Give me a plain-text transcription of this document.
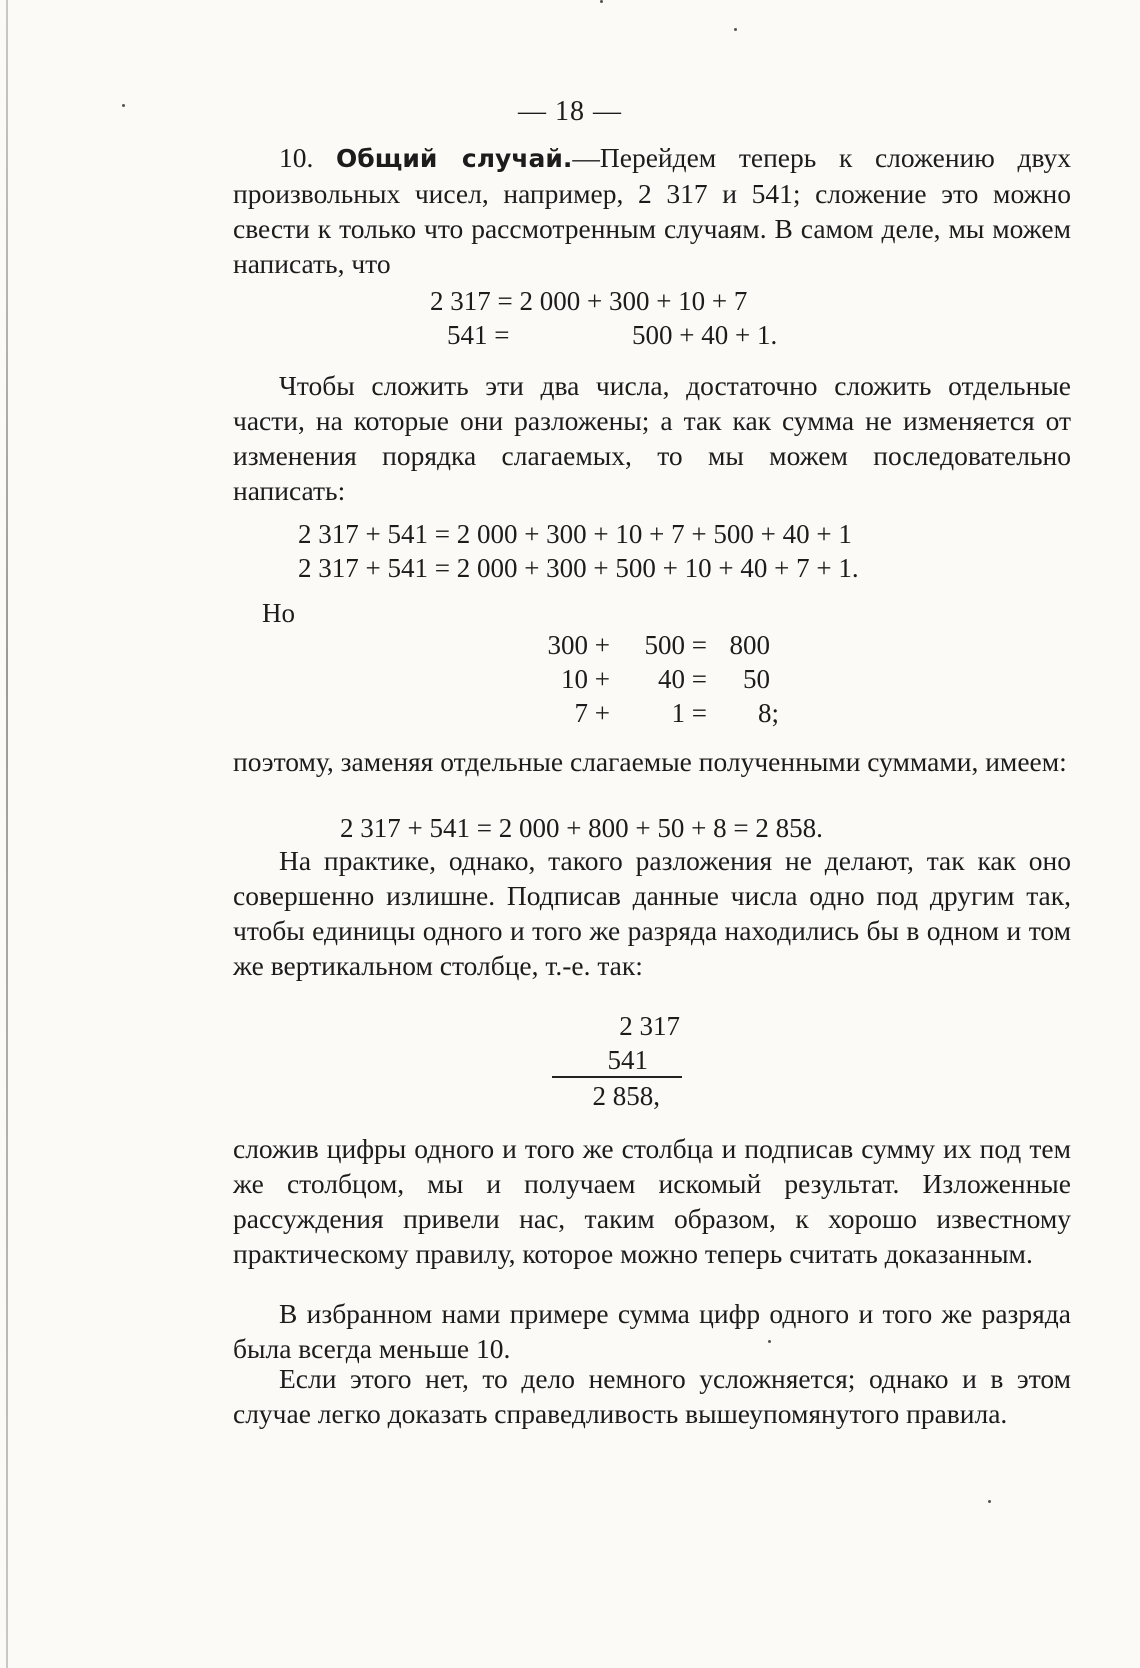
— 18 —

10. Общий случай.—Перейдем теперь к сложению двух произвольных чисел, например, 2 317 и 541; сложение это можно свести к только что рассмотренным случаям. В самом деле, мы можем написать, что

2 317 = 2 000 + 300 + 10 + 7
541 =	500 + 40 + 1.

Чтобы сложить эти два числа, достаточно сложить отдельные части, на которые они разложены; а так как сумма не изменяется от изменения порядка слагаемых, то мы можем последовательно написать:

2 317 + 541 = 2 000 + 300 + 10 + 7 + 500 + 40 + 1
2 317 + 541 = 2 000 + 300 + 500 + 10 + 40 + 7 + 1.
Но
300 + 500 = 800
10 + 40 = 50
7 + 1 = 8;

поэтому, заменяя отдельные слагаемые полученными суммами, имеем:

2 317 + 541 = 2 000 + 800 + 50 + 8 = 2 858.

На практике, однако, такого разложения не делают, так как оно совершенно излишне. Подписав данные числа одно под другим так, чтобы единицы одного и того же разряда находились бы в одном и том же вертикальном столбце, т.-е. так:

2 317
541
2 858,

сложив цифры одного и того же столбца и подписав сумму их под тем же столбцом, мы и получаем искомый результат. Изложенные рассуждения привели нас, таким образом, к хорошо известному практическому правилу, которое можно теперь считать доказанным.

В избранном нами примере сумма цифр одного и того же разряда была всегда меньше 10.

Если этого нет, то дело немного усложняется; однако и в этом случае легко доказать справедливость вышеупомянутого правила.
